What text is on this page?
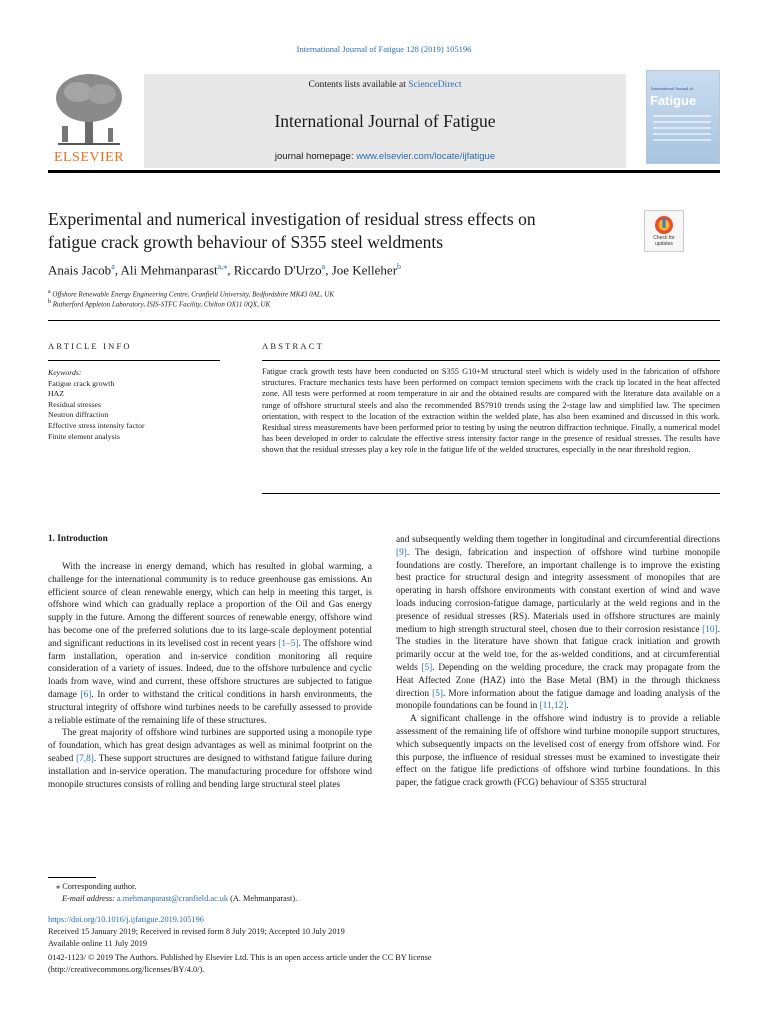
International Journal of Fatigue 128 (2019) 105196
ELSEVIER
Contents lists available at ScienceDirect
International Journal of Fatigue
journal homepage: www.elsevier.com/locate/ijfatigue
International Journal of
Fatigue
Experimental and numerical investigation of residual stress effects on
fatigue crack growth behaviour of S355 steel weldments	Check for
updates
Anais Jacob$^a$, Ali Mehmanparast$^{a,⁎}$, Riccardo D'Urzo$^a$, Joe Kelleher$^b$
$^a$ Offshore Renewable Energy Engineering Centre, Cranfield University, Bedfordshire MK43 0AL, UK
$^b$ Rutherford Appleton Laboratory, ISIS-STFC Facility, Chilton OX11 0QX, UK
ARTICLE INFO
Keywords:
Fatigue crack growth
HAZ
Residual stresses
Neutron diffraction
Effective stress intensity factor
Finite element analysis
ABSTRACT
Fatigue crack growth tests have been conducted on S355 G10+M structural steel which is widely used in the fabrication of offshore structures. Fracture mechanics tests have been performed on compact tension specimens with the crack tip located in the heat affected zone. All tests were performed at room temperature in air and the obtained results are compared with the literature data available on a range of offshore structural steels and also the recommended BS7910 trends using the 2-stage law and simplified law. The specimen orientation, with respect to the location of the extraction within the welded plate, has also been examined and discussed in this work. Residual stress measurements have been performed prior to testing by using the neutron diffraction technique. Finally, a numerical model has been developed in order to calculate the effective stress intensity factor range in the presence of residual stresses. The results have shown that the residual stresses play a key role in the fatigue life of the welded structures, especially in the near threshold region.
1. Introduction

With the increase in energy demand, which has resulted in global warming, a challenge for the international community is to reduce greenhouse gas emissions. An efficient source of clean renewable energy, which can help in meeting this target, is offshore wind which can gradually replace a proportion of the Oil and Gas energy supply in the future. Among the different sources of renewable energy, offshore wind has become one of the preferred solutions due to its large-scale deployment potential and significant reductions in its levelised cost in recent years [1–5]. The offshore wind farm installation, operation and in-service condition monitoring all require consideration of a variety of issues. Indeed, due to the offshore turbulence and cyclic loads from wave, wind and current, these offshore structures are subjected to fatigue damage [6]. In order to withstand the critical conditions in harsh environments, the structural integrity of offshore wind turbines needs to be carefully assessed to provide a reliable estimate of the remaining life of these structures.

The great majority of offshore wind turbines are supported using a monopile type of foundation, which has great design advantages as well as minimal footprint on the seabed [7,8]. These support structures are designed to withstand fatigue failure during installation and in-service operation. The manufacturing procedure for offshore wind monopile structures consists of rolling and bending large structural steel plates

and subsequently welding them together in longitudinal and circumferential directions [9]. The design, fabrication and inspection of offshore wind turbine monopile foundations are costly. Therefore, an important challenge is to improve the existing best practice for structural design and integrity assessment of monopiles that are operating in harsh offshore environments with constant exertion of wind and wave loads inducing corrosion-fatigue damage, particularly at the weld regions and in the presence of residual stresses (RS). Materials used in offshore structures are mainly medium to high strength structural steel, chosen due to their corrosion resistance [10]. The studies in the literature have shown that fatigue crack initiation and growth primarily occur at the weld toe, for the as-welded conditions, and at circumferential welds [5]. Depending on the welding procedure, the crack may propagate from the Heat Affected Zone (HAZ) into the Base Metal (BM) in the through thickness direction [5]. More information about the fatigue damage and loading analysis of the monopile foundations can be found in [11,12].

A significant challenge in the offshore wind industry is to provide a reliable assessment of the remaining life of offshore wind turbine monopile support structures, which subsequently impacts on the levelised cost of energy from offshore wind. For this purpose, the influence of residual stresses must be examined to investigate their effect on the fatigue life predictions of offshore wind turbine foundations. In this paper, the fatigue crack growth (FCG) behaviour of S355 structural

⁎ Corresponding author.
E-mail address: a.mehmanparast@cranfield.ac.uk (A. Mehmanparast).
https://doi.org/10.1016/j.ijfatigue.2019.105196
Received 15 January 2019; Received in revised form 8 July 2019; Accepted 10 July 2019
Available online 11 July 2019
0142-1123/ © 2019 The Authors. Published by Elsevier Ltd. This is an open access article under the CC BY license
(http://creativecommons.org/licenses/BY/4.0/).
